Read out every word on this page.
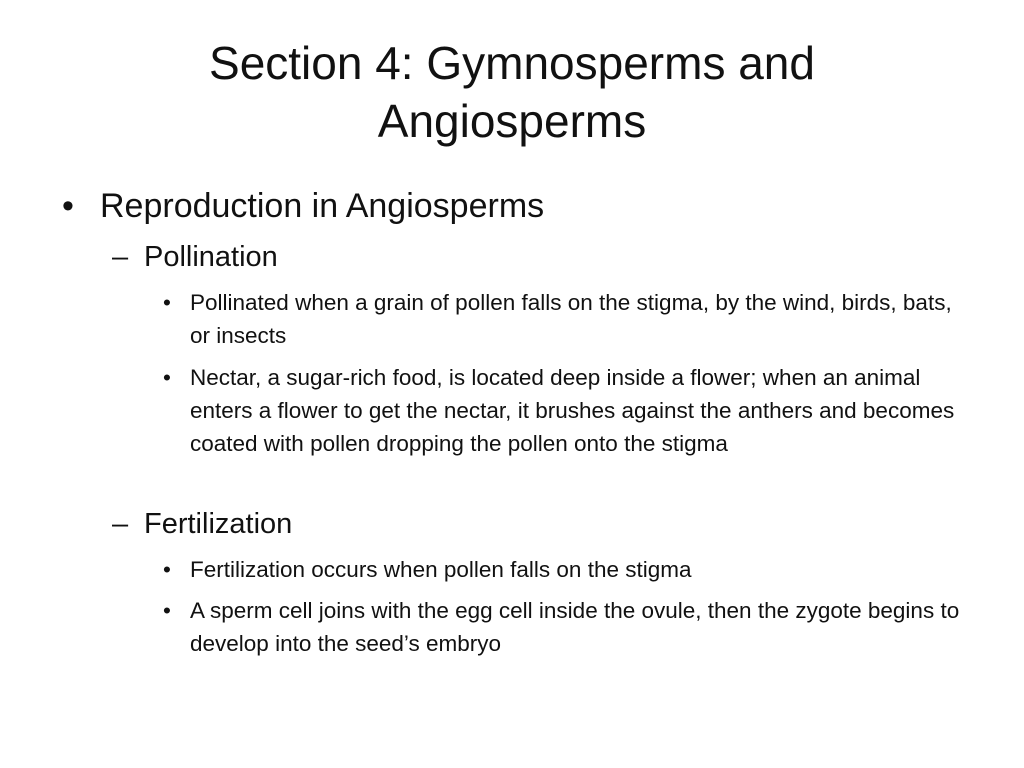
Section 4: Gymnosperms and Angiosperms
• Reproduction in Angiosperms
– Pollination
• Pollinated when a grain of pollen falls on the stigma, by the wind, birds, bats, or insects
• Nectar, a sugar-rich food, is located deep inside a flower; when an animal enters a flower to get the nectar, it brushes against the anthers and becomes coated with pollen dropping the pollen onto the stigma
– Fertilization
• Fertilization occurs when pollen falls on the stigma
• A sperm cell joins with the egg cell inside the ovule, then the zygote begins to develop into the seed’s embryo
